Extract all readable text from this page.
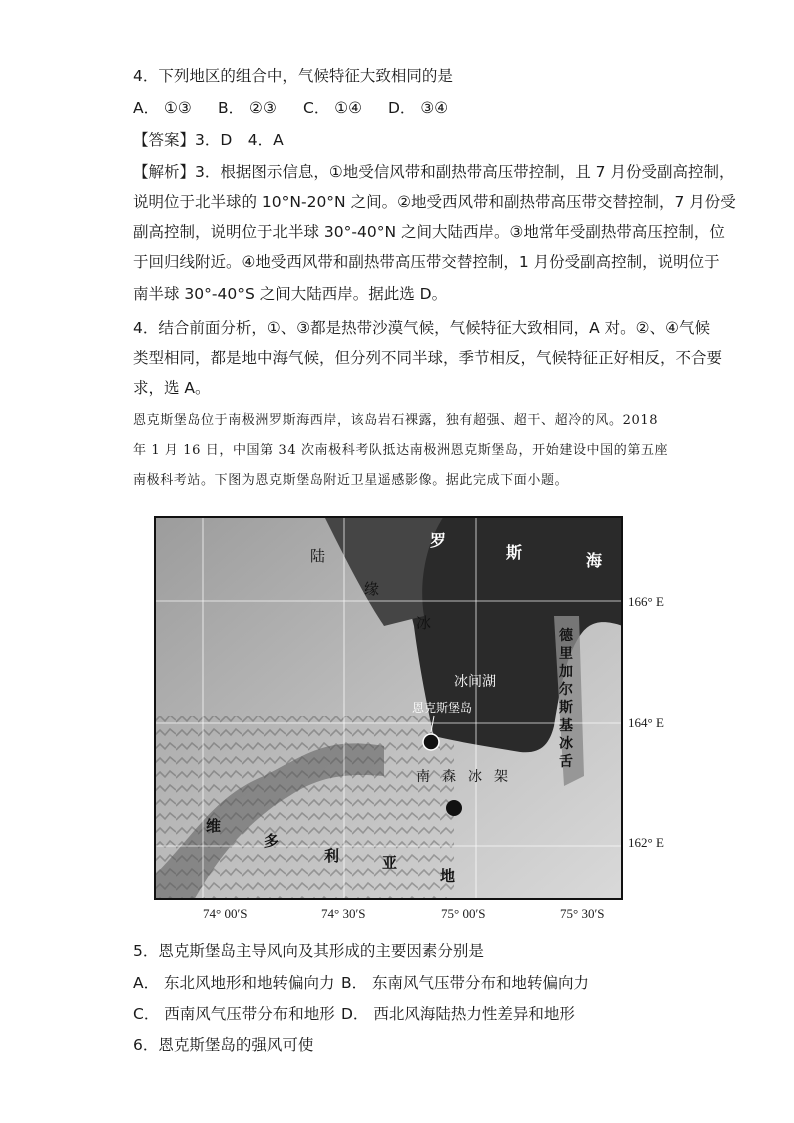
4．下列地区的组合中，气候特征大致相同的是
A． ①③ B． ②③ C． ①④ D． ③④
【答案】3．D　4．A
【解析】3．根据图示信息，①地受信风带和副热带高压带控制，且 7 月份受副高控制，
说明位于北半球的 10°N-20°N 之间。②地受西风带和副热带高压带交替控制，7 月份受
副高控制，说明位于北半球 30°-40°N 之间大陆西岸。③地常年受副热带高压控制，位
于回归线附近。④地受西风带和副热带高压带交替控制，1 月份受副高控制，说明位于
南半球 30°-40°S 之间大陆西岸。据此选 D。
4．结合前面分析，①、③都是热带沙漠气候，气候特征大致相同，A 对。②、④气候
类型相同，都是地中海气候，但分列不同半球，季节相反，气候特征正好相反，不合要
求，选 A。
恩克斯堡岛位于南极洲罗斯海西岸，该岛岩石裸露，独有超强、超干、超冷的风。2018
年 1 月 16 日，中国第 34 次南极科考队抵达南极洲恩克斯堡岛，开始建设中国的第五座
南极科考站。下图为恩克斯堡岛附近卫星遥感影像。据此完成下面小题。
罗
斯	海
陆
缘
冰
冰间湖
恩克斯堡岛
南 森 冰 架
德
里
加
尔
斯
基
冰
舌
维
多
利	亚
地
166° E
164° E
162° E
74° 00′S	74° 30′S	75° 00′S	75° 30′S
5．恩克斯堡岛主导风向及其形成的主要因素分别是
A． 东北风地形和地转偏向力 B． 东南风气压带分布和地转偏向力
C． 西南风气压带分布和地形 D． 西北风海陆热力性差异和地形
6．恩克斯堡岛的强风可使
